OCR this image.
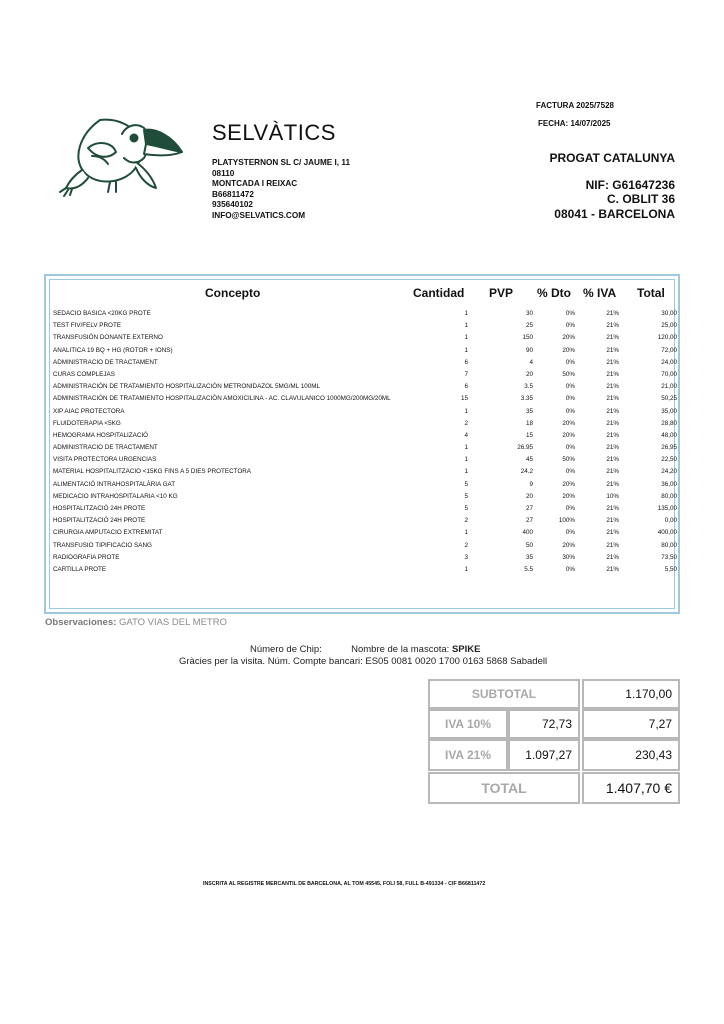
SELVÀTICS
PLATYSTERNON SL C/ JAUME I, 11
08110
MONTCADA I REIXAC
B66811472
935640102
INFO@SELVATICS.COM
FACTURA 2025/7528
FECHA: 14/07/2025
PROGAT CATALUNYA
NIF: G61647236
C. OBLIT 36
08041 - BARCELONA
Concepto	Cantidad PVP % Dto % IVA Total
SEDACIO BASICA <20KG PROTE	1	30	0%	21%	30,00
TEST FIV/FELV PROTE	1	25	0%	21%	25,00
TRANSFUSIÓN DONANTE EXTERNO	1	150	20%	21%	120,00
ANALITICA 19 BQ + HG (ROTOR + IONS)	1	90	20%	21%	72,00
ADMINISTRACIO DE TRACTAMENT	6	4	0%	21%	24,00
CURAS COMPLEJAS	7	20	50%	21%	70,00
ADMINISTRACIÓN DE TRATAMIENTO HOSPITALIZACIÓN METRONIDAZOL 5MG/ML 100ML	6	3.5	0%	21%	21,00
ADMINISTRACIÓN DE TRATAMIENTO HOSPITALIZACIÓN AMOXICILINA - AC. CLAVULANICO 1000MG/200MG/20ML	15	3.35	0%	21%	50,25
XIP AIAC PROTECTORA	1	35	0%	21%	35,00
FLUIDOTERAPIA <5KG	2	18	20%	21%	28,80
HEMOGRAMA HOSPITALIZACIÓ	4	15	20%	21%	48,00
ADMINISTRACIO DE TRACTAMENT	1	26.95	0%	21%	26,95
VISITA PROTECTORA URGENCIAS	1	45	50%	21%	22,50
MATERIAL HOSPITALITZACIO <15KG FINS A 5 DIES PROTECTORA	1	24.2	0%	21%	24,20
ALIMENTACIÓ INTRAHOSPITALÀRIA GAT	5	9	20%	21%	36,00
MEDICACIO INTRAHOSPITALARIA <10 KG	5	20	20%	10%	80,00
HOSPITALITZACIÓ 24H PROTE	5	27	0%	21%	135,00
HOSPITALITZACIÓ 24H PROTE	2	27	100%	21%	0,00
CIRURGIA AMPUTACIO EXTREMITAT	1	400	0%	21%	400,00
TRANSFUSIO TIPIFICACIO SANG	2	50	20%	21%	80,00
RADIOGRAFIA PROTE	3	35	30%	21%	73,50
CARTILLA PROTE	1	5.5	0%	21%	5,50
Observaciones: GATO VIAS DEL METRO
Número de Chip:	Nombre de la mascota: SPIKE
Gràcies per la visita. Núm. Compte bancari: ES05 0081 0020 1700 0163 5868 Sabadell
SUBTOTAL	1.170,00
IVA 10%	72,73	7,27
IVA 21%	1.097,27	230,43
TOTAL	1.407,70 €
INSCRITA AL REGISTRE MERCANTIL DE BARCELONA, AL TOM 45545, FOLI 58, FULL B-491334 - CIF B66811472
